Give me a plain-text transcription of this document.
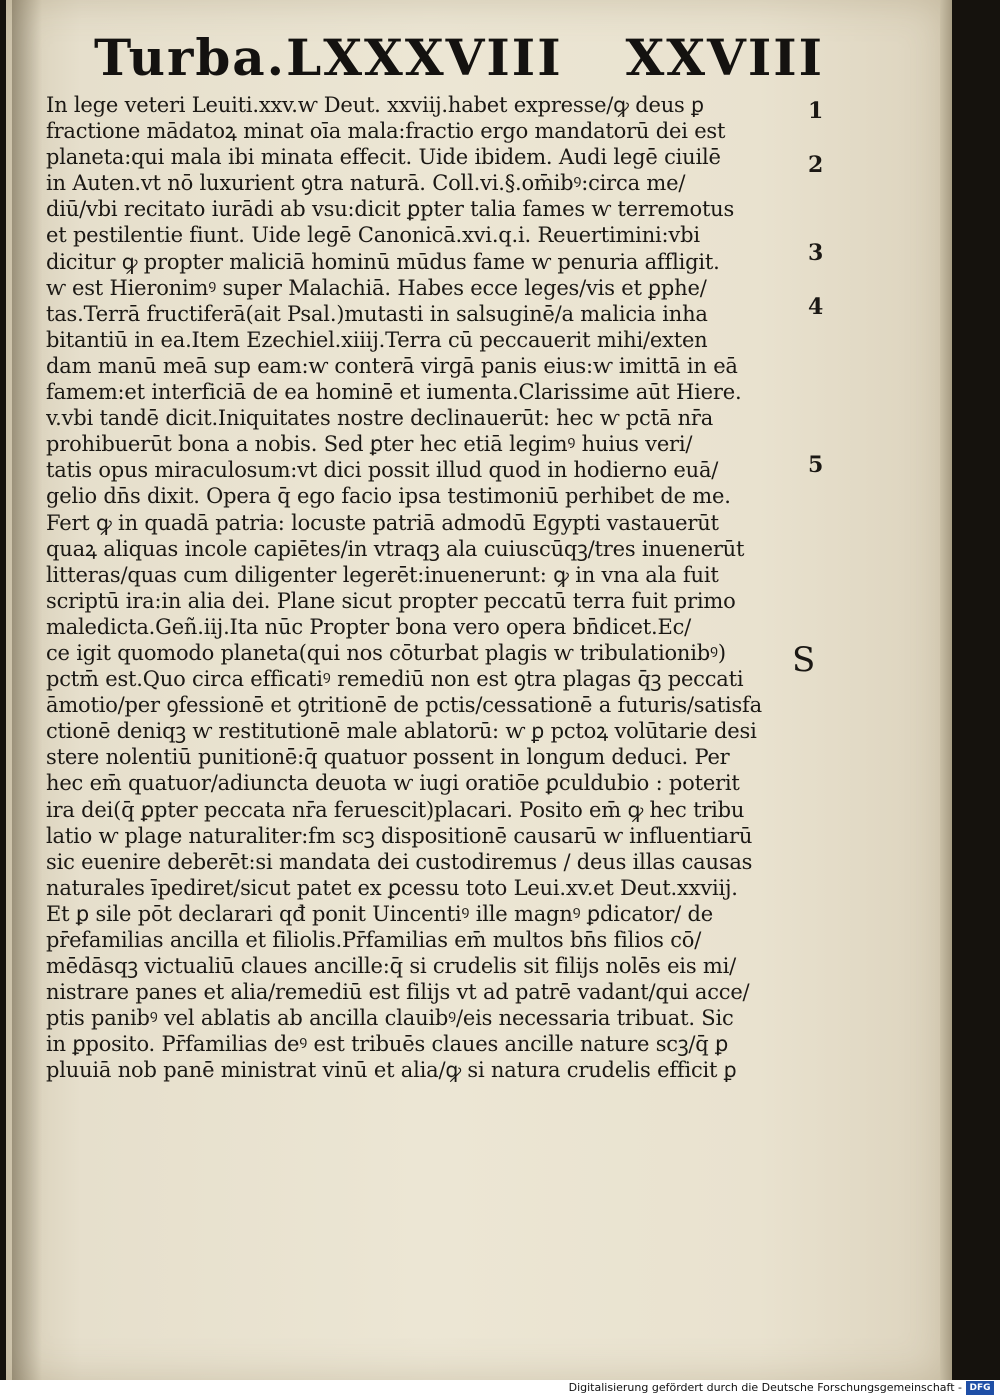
Turba.LXXXVIII XXVIII
In lege veteri Leuiti.xxv.ⱳ Deut. xxviij.habet expresse/ꝙ deus ꝑ
fractione mādatoꝝ minat oīa mala:fractio ergo mandatorū dei est
planeta:qui mala ibi minata effecit. Uide ibidem. Audi legē ciuilē
in Auten.vt nō luxurient ꝯtra naturā. Coll.vi.§.om̄ibꝰ:circa me/
diū/vbi recitato iurādi ab vsu:dicit ꝑpter talia fames ⱳ terremotus
et pestilentie fiunt. Uide legē Canonicā.xvi.q.i. Reuertimini:vbi
dicitur ꝙ propter maliciā hominū mūdus fame ⱳ penuria affligit.
ⱳ est Hieronimꝰ super Malachiā. Habes ecce leges/vis et ꝑphe/
tas.Terrā fructiferā(ait Psal.)mutasti in salsuginē/a malicia inha
bitantiū in ea.Item Ezechiel.xiiij.Terra cū peccauerit mihi/exten
dam manū meā sup eam:ⱳ conterā virgā panis eius:ⱳ imittā in eā
famem:et interficiā de ea hominē et iumenta.Clarissime aūt Hiere.
v.vbi tandē dicit.Iniquitates nostre declinauerūt: hec ⱳ pctā nr̄a
prohibuerūt bona a nobis. Sed ꝑter hec etiā legimꝰ huius veri/
tatis opus miraculosum:vt dici possit illud quod in hodierno euā/
gelio dn̄s dixit. Opera q̄ ego facio ipsa testimoniū perhibet de me.
Fert ꝙ in quadā patria: locuste patriā admodū Egypti vastauerūt
quaꝝ aliquas incole capiētes/in vtraqꝫ ala cuiuscūqꝫ/tres inuenerūt
litteras/quas cum diligenter legerēt:inuenerunt: ꝙ in vna ala fuit
scriptū ira:in alia dei. Plane sicut propter peccatū terra fuit primo
maledicta.Geñ.iij.Ita nūc Propter bona vero opera bn̄dicet.Ec/
ce igit quomodo planeta(qui nos cōturbat plagis ⱳ tribulationibꝰ)
pctm̄ est.Quo circa efficatiꝰ remediū non est ꝯtra plagas q̄ꝫ peccati
āmotio/per ꝯfessionē et ꝯtritionē de pctis/cessationē a futuris/satisfa
ctionē deniqꝫ ⱳ restitutionē male ablatorū: ⱳ ꝑ pctoꝝ volūtarie desi
stere nolentiū punitionē:q̄ quatuor possent in longum deduci. Per
hec em̄ quatuor/adiuncta deuota ⱳ iugi oratiōe ꝑculdubio : poterit
ira dei(q̄ ꝑpter peccata nr̄a feruescit)placari. Posito em̄ ꝙ hec tribu
latio ⱳ plage naturaliter:fm scꝫ dispositionē causarū ⱳ influentiarū
sic euenire deberēt:si mandata dei custodiremus / deus illas causas
naturales īpediret/sicut patet ex ꝑcessu toto Leui.xv.et Deut.xxviij.
Et ꝑ sile pōt declarari qđ ponit Uincentiꝰ ille magnꝰ ꝑdicator/ de
pr̄efamilias ancilla et filiolis.Pr̄familias em̄ multos bn̄s filios cō/
mēdāsqꝫ victualiū claues ancille:q̄ si crudelis sit filijs nolēs eis mi/
nistrare panes et alia/remediū est filijs vt ad patrē vadant/qui acce/
ptis panibꝰ vel ablatis ab ancilla clauibꝰ/eis necessaria tribuat. Sic
in ꝑposito. Pr̄familias deꝰ est tribuēs claues ancille nature scꝫ/q̄ ꝑ
pluuiā nob panē ministrat vinū et alia/ꝙ si natura crudelis efficit ꝑ
1
2
3
4
5
S
Digitalisierung gefördert durch die Deutsche Forschungsgemeinschaft - DFG
